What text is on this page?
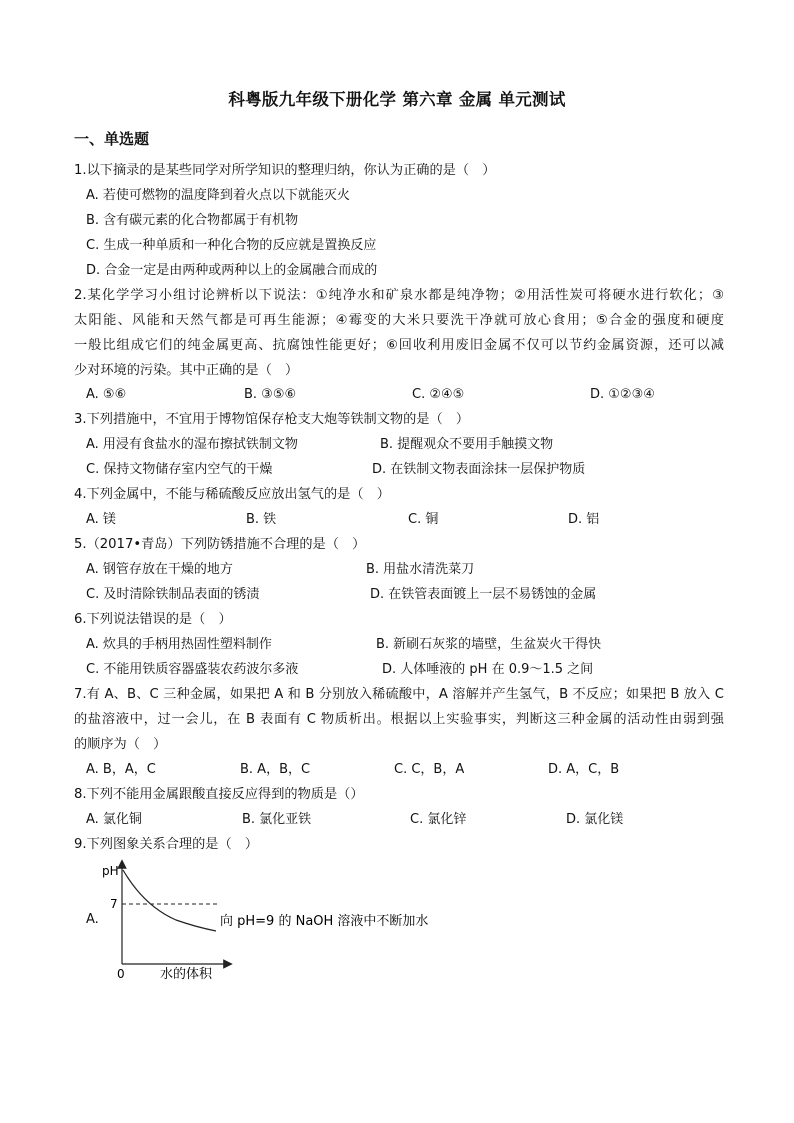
科粤版九年级下册化学 第六章 金属 单元测试
一、单选题
1.以下摘录的是某些同学对所学知识的整理归纳，你认为正确的是（　）
A. 若使可燃物的温度降到着火点以下就能灭火
B. 含有碳元素的化合物都属于有机物
C. 生成一种单质和一种化合物的反应就是置换反应
D. 合金一定是由两种或两种以上的金属融合而成的
2.某化学学习小组讨论辨析以下说法：①纯净水和矿泉水都是纯净物；②用活性炭可将硬水进行软化；③
太阳能、风能和天然气都是可再生能源；④霉变的大米只要洗干净就可放心食用；⑤合金的强度和硬度
一般比组成它们的纯金属更高、抗腐蚀性能更好；⑥回收利用废旧金属不仅可以节约金属资源，还可以减
少对环境的污染。其中正确的是（　）
A. ⑤⑥	B. ③⑤⑥	C. ②④⑤	D. ①②③④
3.下列措施中，不宜用于博物馆保存枪支大炮等铁制文物的是（　）
A. 用浸有食盐水的湿布擦拭铁制文物	B. 提醒观众不要用手触摸文物
C. 保持文物储存室内空气的干燥	D. 在铁制文物表面涂抹一层保护物质
4.下列金属中，不能与稀硫酸反应放出氢气的是（　）
A. 镁	B. 铁	C. 铜	D. 铝
5.（2017•青岛）下列防锈措施不合理的是（　）
A. 钢管存放在干燥的地方	B. 用盐水清洗菜刀
C. 及时清除铁制品表面的锈渍	D. 在铁管表面镀上一层不易锈蚀的金属
6.下列说法错误的是（　）
A. 炊具的手柄用热固性塑料制作	B. 新刷石灰浆的墙壁，生盆炭火干得快
C. 不能用铁质容器盛装农药波尔多液	D. 人体唾液的 pH 在 0.9～1.5 之间
7.有 A、B、C 三种金属，如果把 A 和 B 分别放入稀硫酸中，A 溶解并产生氢气，B 不反应；如果把 B 放入 C
的盐溶液中，过一会儿，在 B 表面有 C 物质析出。根据以上实验事实，判断这三种金属的活动性由弱到强
的顺序为（　）
A. B，A，C	B. A，B，C	C. C，B，A	D. A，C，B
8.下列不能用金属跟酸直接反应得到的物质是（）
A. 氯化铜	B. 氯化亚铁	C. 氯化锌	D. 氯化镁
9.下列图象关系合理的是（　）
A.
pH
7
0	水的体积
向 pH=9 的 NaOH 溶液中不断加水
